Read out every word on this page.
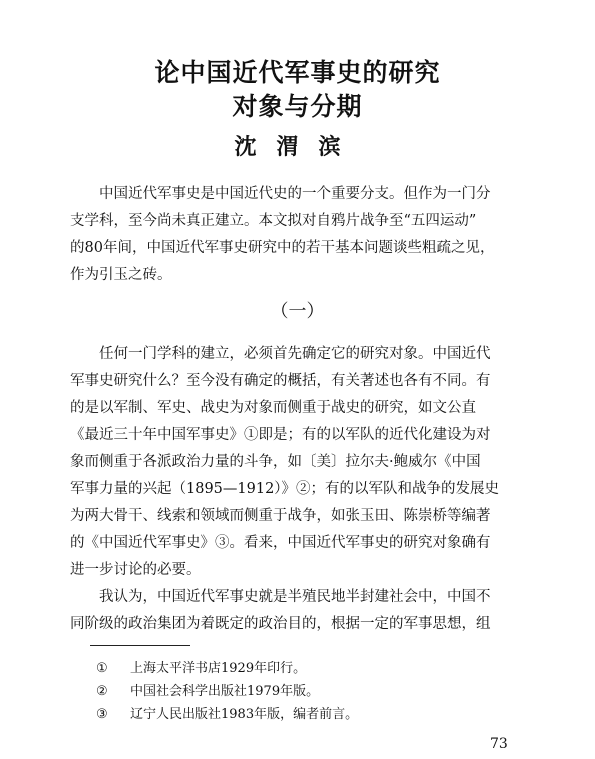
论中国近代军事史的研究
对象与分期
沈渭滨
　　中国近代军事史是中国近代史的一个重要分支。但作为一门分
支学科，至今尚未真正建立。本文拟对自鸦片战争至“五四运动”
的80年间，中国近代军事史研究中的若干基本问题谈些粗疏之见，
作为引玉之砖。
（一）
　　任何一门学科的建立，必须首先确定它的研究对象。中国近代
军事史研究什么？至今没有确定的概括，有关著述也各有不同。有
的是以军制、军史、战史为对象而侧重于战史的研究，如文公直
《最近三十年中国军事史》①即是；有的以军队的近代化建设为对
象而侧重于各派政治力量的斗争，如〔美〕拉尔夫·鲍威尔《中国
军事力量的兴起（1895—1912）》②；有的以军队和战争的发展史
为两大骨干、线索和领域而侧重于战争，如张玉田、陈崇桥等编著
的《中国近代军事史》③。看来，中国近代军事史的研究对象确有
进一步讨论的必要。
　　我认为，中国近代军事史就是半殖民地半封建社会中，中国不
同阶级的政治集团为着既定的政治目的，根据一定的军事思想，组
① 上海太平洋书店1929年印行。
② 中国社会科学出版社1979年版。
③ 辽宁人民出版社1983年版，编者前言。
73
